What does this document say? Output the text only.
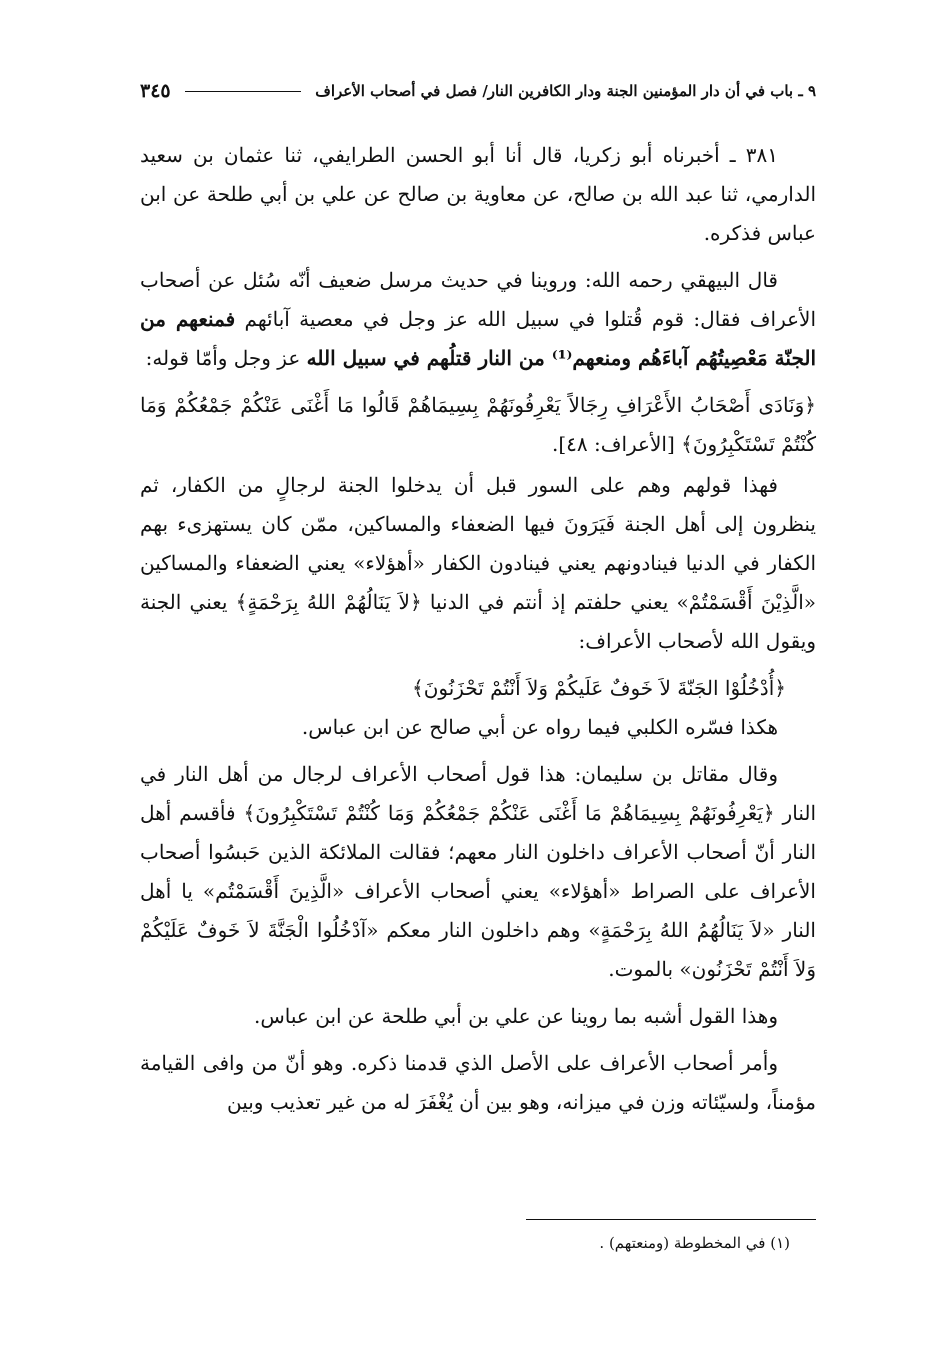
٩ ـ باب في أن دار المؤمنين الجنة ودار الكافرين النار/ فصل في أصحاب الأعراف
٣٤٥

٣٨١ ـ أخبرناه أبو زكريا، قال أنا أبو الحسن الطرايفي، ثنا عثمان بن سعيد الدارمي، ثنا عبد الله بن صالح، عن معاوية بن صالح عن علي بن أبي طلحة عن ابن عباس فذكره.

قال البيهقي رحمه الله: وروينا في حديث مرسل ضعيف أنّه سُئل عن أصحاب الأعراف فقال: قوم قُتلوا في سبيل الله عز وجل في معصية آبائهم فمنعهم من الجنّة مَعْصِيتُهُم آباءَهُم ومنعهم⁽¹⁾ من النار قتلُهم في سبيل الله عز وجل وأمّا قوله:

﴿وَنَادَى أَصْحَابُ الأَعْرَافِ رِجَالاً يَعْرِفُونَهُمْ بِسِيمَاهُمْ قَالُوا مَا أَغْنَى عَنْكُمْ جَمْعُكُمْ وَمَا كُنْتُمْ تَسْتَكْبِرُونَ﴾ [الأعراف: ٤٨].

فهذا قولهم وهم على السور قبل أن يدخلوا الجنة لرجالٍ من الكفار، ثم ينظرون إلى أهل الجنة فَيَرَونَ فيها الضعفاء والمساكين، ممّن كان يستهزىء بهم الكفار في الدنيا فينادونهم يعني فينادون الكفار «أهؤلاء» يعني الضعفاء والمساكين «الَّذِيْنَ أَقْسَمْتُمْ» يعني حلفتم إذ أنتم في الدنيا ﴿لاَ يَنَالُهُمْ اللهُ بِرَحْمَةٍ﴾ يعني الجنة ويقول الله لأصحاب الأعراف:

﴿أُدْخُلُوْا الجَنّةَ لاَ خَوفٌ عَلَيكُمْ وَلاَ أَنْتُمْ تَحْزَنُونَ﴾

هكذا فسّره الكلبي فيما رواه عن أبي صالح عن ابن عباس.

وقال مقاتل بن سليمان: هذا قول أصحاب الأعراف لرجال من أهل النار في النار ﴿يَعْرِفُونَهُمْ بِسِيمَاهُمْ مَا أَغْنَى عَنْكُمْ جَمْعُكُمْ وَمَا كُنْتُمْ تَسْتَكْبِرُونَ﴾ فأقسم أهل النار أنّ أصحاب الأعراف داخلون النار معهم؛ فقالت الملائكة الذين حَبسُوا أصحاب الأعراف على الصراط «أهؤلاء» يعني أصحاب الأعراف «الَّذِينَ أَقْسَمْتُم» يا أهل النار «لاَ يَنَالُهُمُ اللهُ بِرَحْمَةٍ» وهم داخلون النار معكم «آدْخُلُوا الْجَنَّةَ لاَ خَوفٌ عَلَيْكُمْ وَلاَ أَنْتُمْ تَحْزَنُون» بالموت.

وهذا القول أشبه بما روينا عن علي بن أبي طلحة عن ابن عباس.

وأمر أصحاب الأعراف على الأصل الذي قدمنا ذكره. وهو أنّ من وافى القيامة مؤمناً، ولسيّئاته وزن في ميزانه، وهو بين أن يُغْفَرَ له من غير تعذيب وبين

(١) في المخطوطة (ومنعتهم) .
